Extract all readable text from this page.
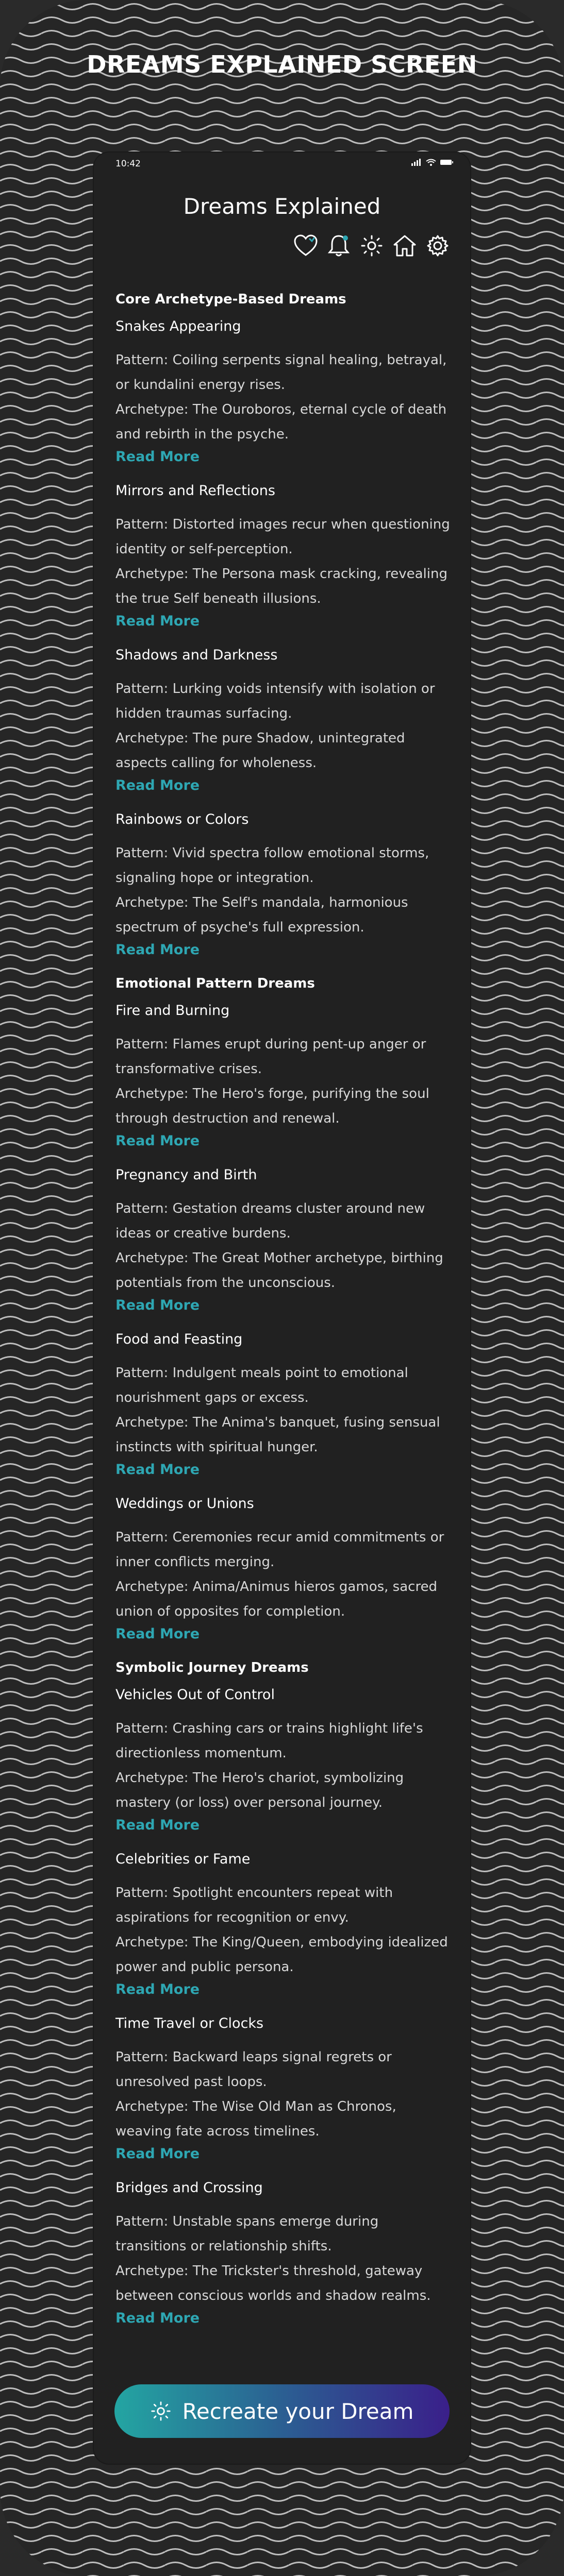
DREAMS EXPLAINED SCREEN
10:42
Dreams Explained
Core Archetype-Based Dreams
Snakes Appearing

Pattern: Coiling serpents signal healing, betrayal, or kundalini energy rises.

Archetype: The Ouroboros, eternal cycle of death and rebirth in the psyche.

Read More
Mirrors and Reflections

Pattern: Distorted images recur when questioning identity or self-perception.

Archetype: The Persona mask cracking, revealing the true Self beneath illusions.

Read More
Shadows and Darkness

Pattern: Lurking voids intensify with isolation or hidden traumas surfacing.

Archetype: The pure Shadow, unintegrated aspects calling for wholeness.

Read More
Rainbows or Colors

Pattern: Vivid spectra follow emotional storms, signaling hope or integration.

Archetype: The Self's mandala, harmonious spectrum of psyche's full expression.

Read More
Emotional Pattern Dreams
Fire and Burning

Pattern: Flames erupt during pent-up anger or transformative crises.

Archetype: The Hero's forge, purifying the soul through destruction and renewal.

Read More
Pregnancy and Birth

Pattern: Gestation dreams cluster around new ideas or creative burdens.

Archetype: The Great Mother archetype, birthing potentials from the unconscious.

Read More
Food and Feasting

Pattern: Indulgent meals point to emotional nourishment gaps or excess.

Archetype: The Anima's banquet, fusing sensual instincts with spiritual hunger.

Read More
Weddings or Unions

Pattern: Ceremonies recur amid commitments or inner conflicts merging.

Archetype: Anima/Animus hieros gamos, sacred union of opposites for completion.

Read More
Symbolic Journey Dreams
Vehicles Out of Control

Pattern: Crashing cars or trains highlight life's directionless momentum.

Archetype: The Hero's chariot, symbolizing mastery (or loss) over personal journey.

Read More
Celebrities or Fame

Pattern: Spotlight encounters repeat with aspirations for recognition or envy.

Archetype: The King/Queen, embodying idealized power and public persona.

Read More
Time Travel or Clocks

Pattern: Backward leaps signal regrets or unresolved past loops.

Archetype: The Wise Old Man as Chronos, weaving fate across timelines.

Read More
Bridges and Crossing

Pattern: Unstable spans emerge during transitions or relationship shifts.

Archetype: The Trickster's threshold, gateway between conscious worlds and shadow realms.

Read More
Recreate your Dream
